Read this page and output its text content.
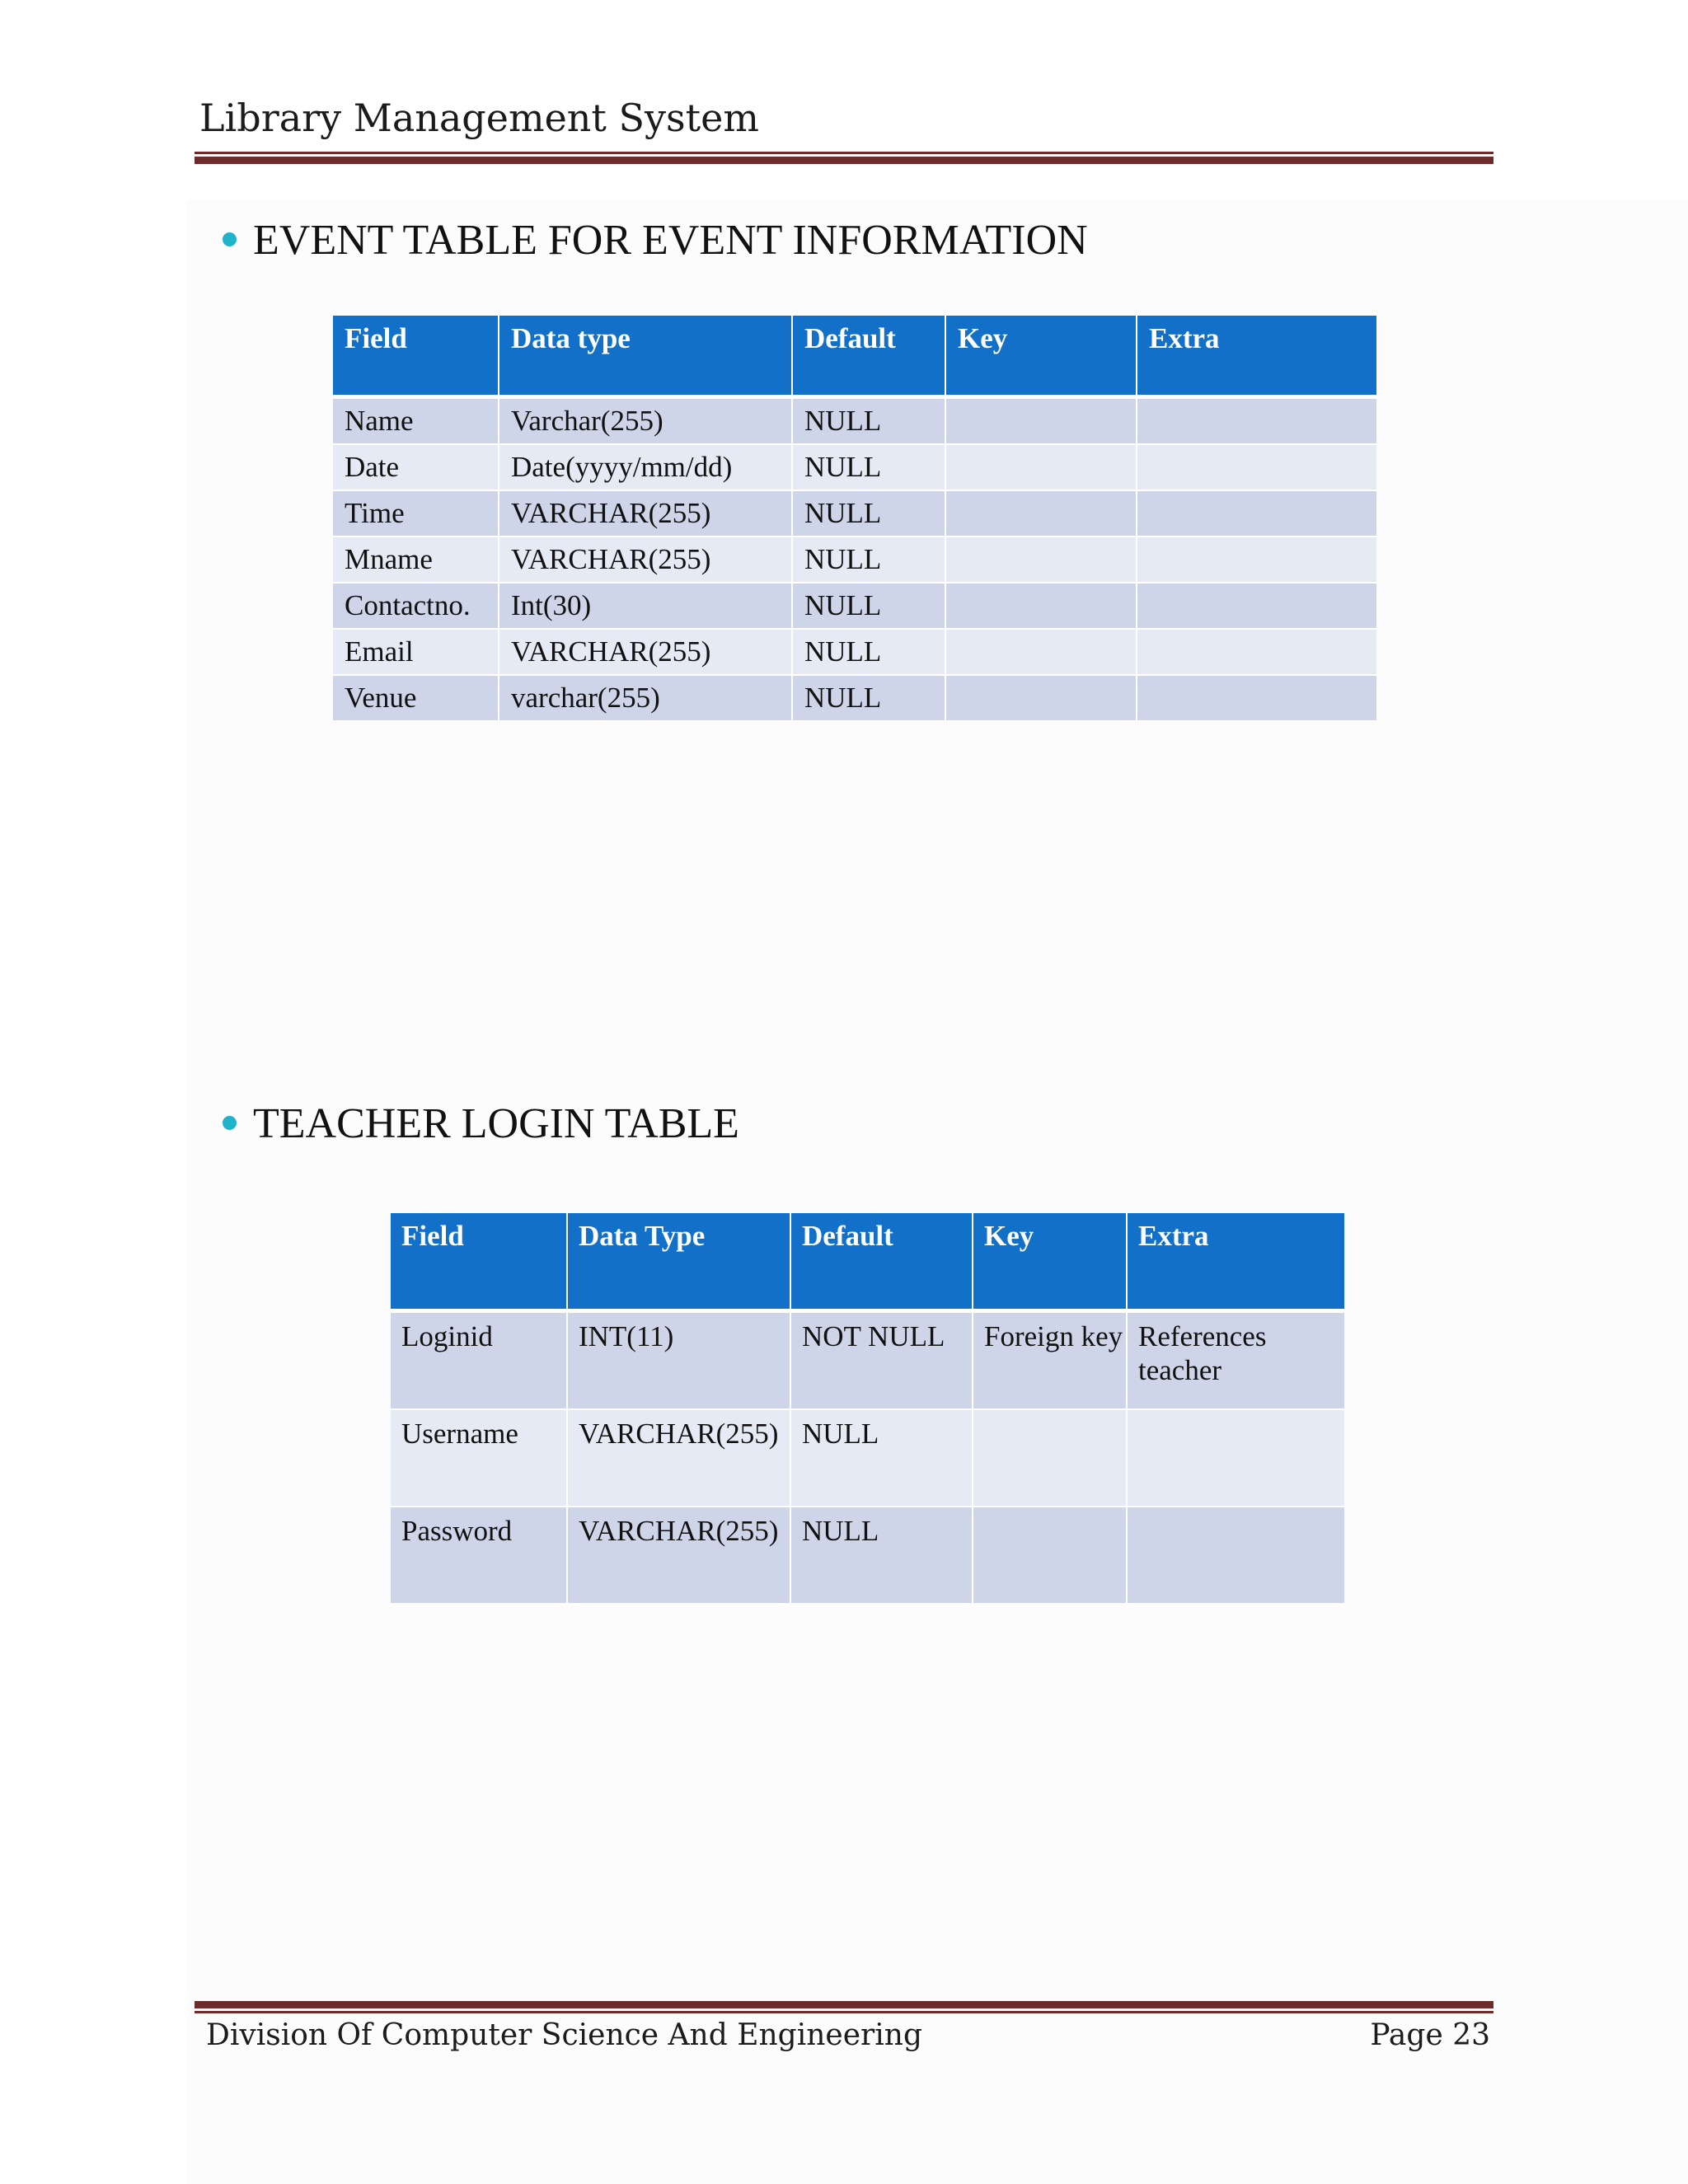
Library Management System
EVENT TABLE FOR EVENT INFORMATION
Field	Data type	Default	Key	Extra
Name	Varchar(255)	NULL		
Date	Date(yyyy/mm/dd)	NULL		
Time	VARCHAR(255)	NULL		
Mname	VARCHAR(255)	NULL		
Contactno.	Int(30)	NULL		
Email	VARCHAR(255)	NULL		
Venue	varchar(255)	NULL		
TEACHER LOGIN TABLE
Field	Data Type	Default	Key	Extra
Loginid	INT(11)	NOT NULL	Foreign key	References teacher
Username	VARCHAR(255)	NULL		
Password	VARCHAR(255)	NULL		
Division Of Computer Science And Engineering	Page 23
